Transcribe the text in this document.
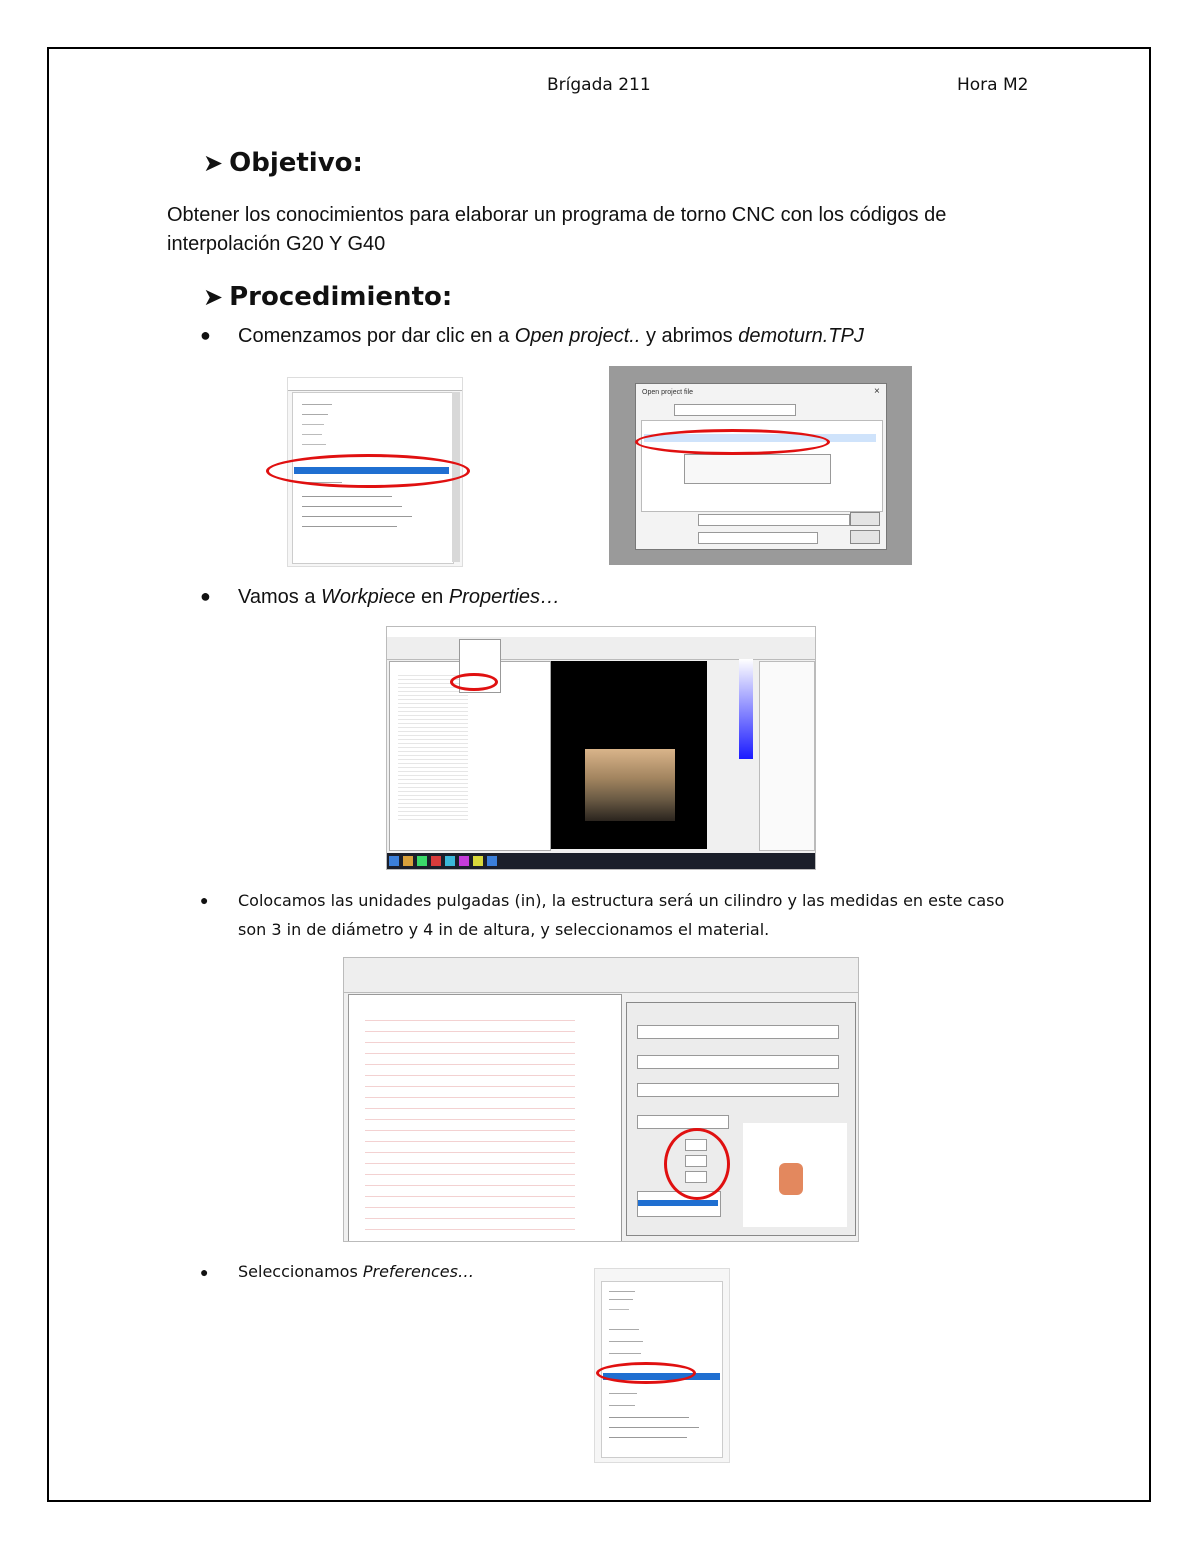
Brígada 211	Hora M2
➤ Objetivo:
Obtener los conocimientos para elaborar un programa de torno CNC con los códigos de interpolación G20 Y G40
➤ Procedimiento:
●	Comenzamos por dar clic en a Open project.. y abrimos demoturn.TPJ
Open project file	×
●	Vamos a Workpiece en Properties…
●	Colocamos las unidades pulgadas (in), la estructura será un cilindro y las medidas en este caso son 3 in de diámetro y 4 in de altura, y seleccionamos el material.
●	Seleccionamos Preferences…
